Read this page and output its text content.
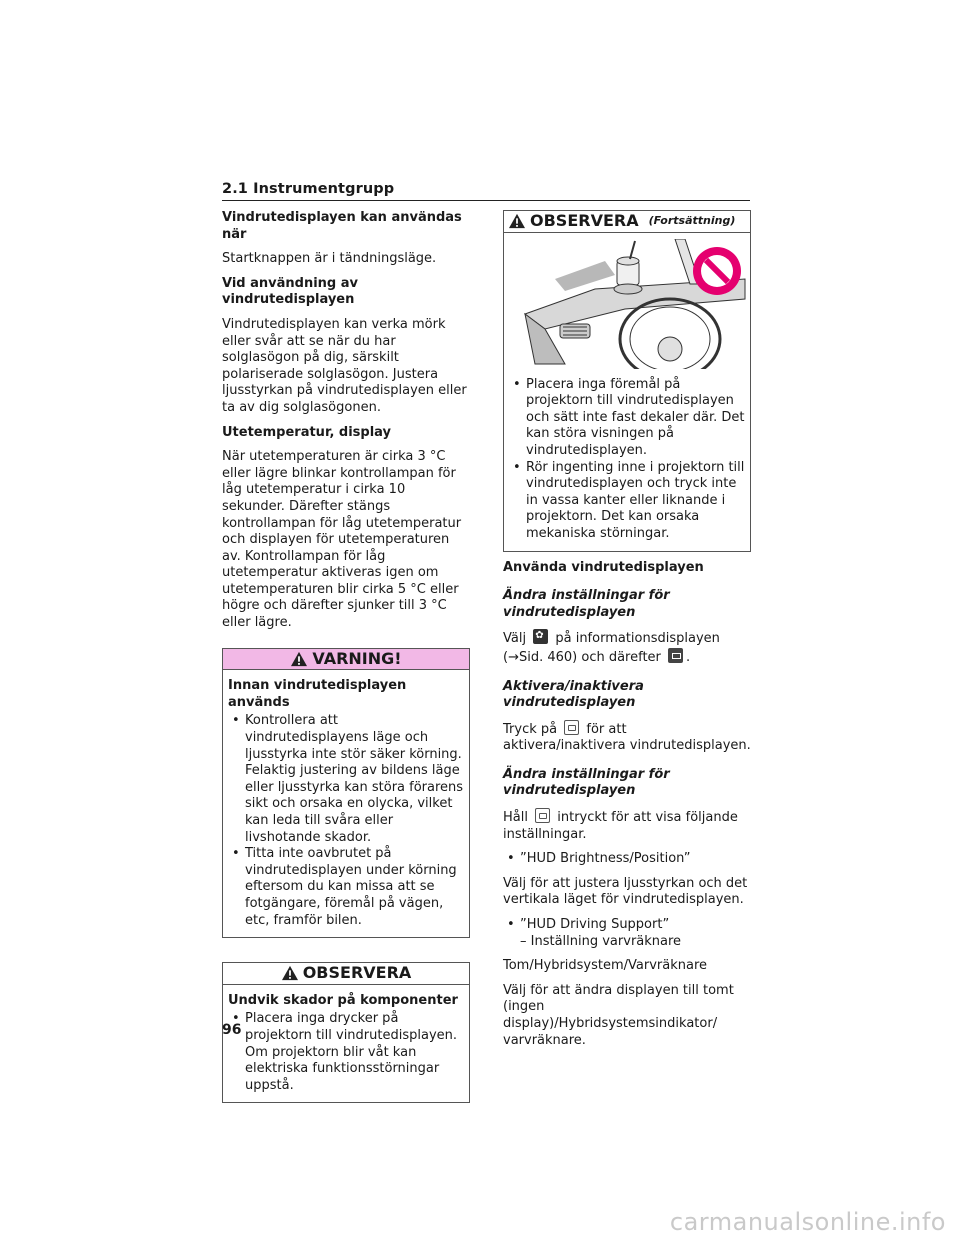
2.1 Instrumentgrupp
Vindrutedisplayen kan användas när

Startknappen är i tändningsläge.

Vid användning av vindrutedisplayen

Vindrutedisplayen kan verka mörk eller svår att se när du har solglasögon på dig, särskilt polariserade solglasögon. Justera ljusstyrkan på vindrutedisplayen eller ta av dig solglasögonen.

Utetemperatur, display

När utetemperaturen är cirka 3 °C eller lägre blinkar kontrollampan för låg utetemperatur i cirka 10 sekunder. Därefter stängs kontrollampan för låg utetemperatur och displayen för utetemperaturen av. Kontrollampan för låg utetemperatur aktiveras igen om utetemperaturen blir cirka 5 °C eller högre och därefter sjunker till 3 °C eller lägre.

VARNING!
Innan vindrutedisplayen används
• Kontrollera att vindrutedisplayens läge och ljusstyrka inte stör säker körning. Felaktig justering av bildens läge eller ljusstyrka kan störa förarens sikt och orsaka en olycka, vilket kan leda till svåra eller livshotande skador.
• Titta inte oavbrutet på vindrutedisplayen under körning eftersom du kan missa att se fotgängare, föremål på vägen, etc, framför bilen.
OBSERVERA
Undvik skador på komponenter
• Placera inga drycker på projektorn till vindrutedisplayen. Om projektorn blir våt kan elektriska funktionsstörningar uppstå.
OBSERVERA (Fortsättning)
• Placera inga föremål på projektorn till vindrutedisplayen och sätt inte fast dekaler där. Det kan störa visningen på vindrutedisplayen.
• Rör ingenting inne i projektorn till vindrutedisplayen och tryck inte in vassa kanter eller liknande i projektorn. Det kan orsaka mekaniska störningar.
Använda vindrutedisplayen
Ändra inställningar för vindrutedisplayen

Välj ✿ på informationsdisplayen
(→Sid. 460) och därefter .

Aktivera/inaktivera vindrutedisplayen

Tryck på för att aktivera/inaktivera vindrutedisplayen.

Ändra inställningar för vindrutedisplayen

Håll intryckt för att visa följande inställningar.

• ”HUD Brightness/Position”

Välj för att justera ljusstyrkan och det vertikala läget för vindrutedisplayen.

• ”HUD Driving Support”

– Inställning varvräknare

Tom/Hybridsystem/Varvräknare

Välj för att ändra displayen till tomt (ingen display)/Hybridsystemsindikator/ varvräknare.

96
carmanualsonline.info
